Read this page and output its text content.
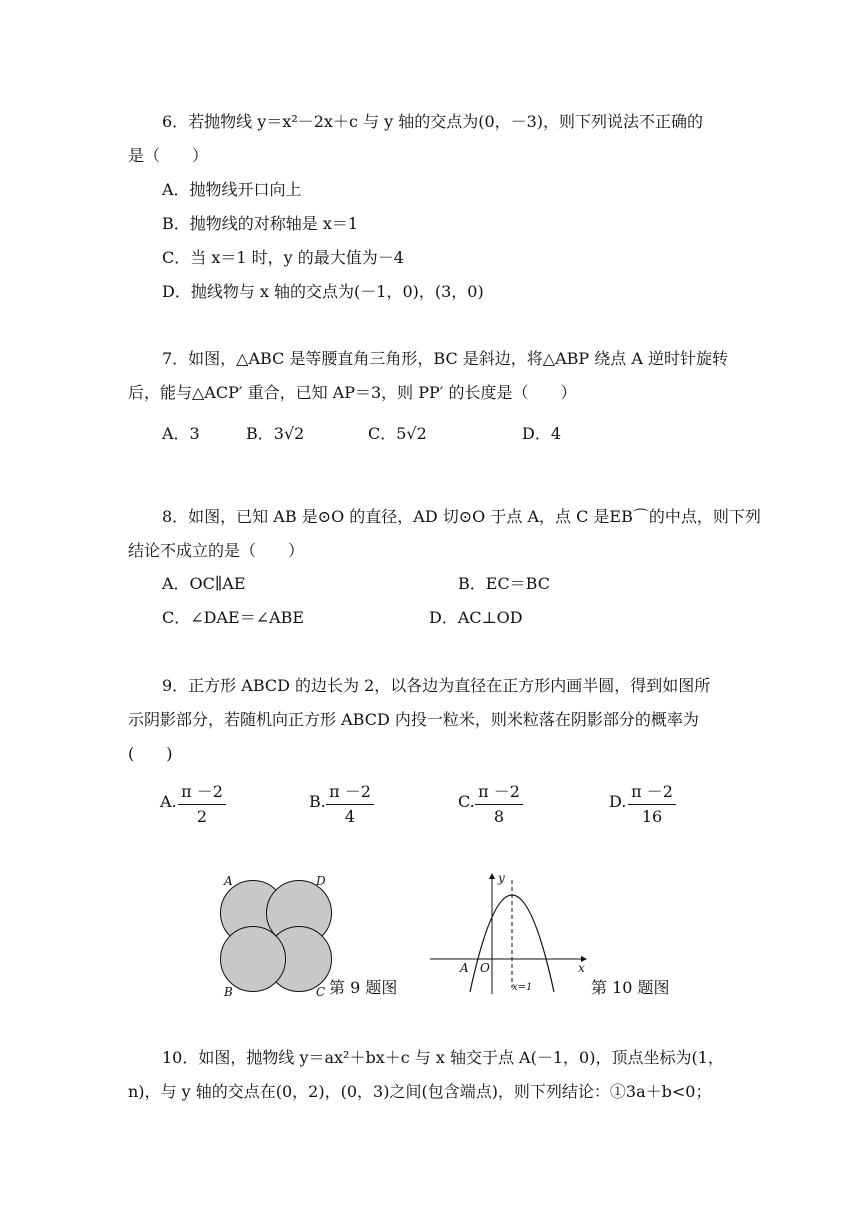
6．若抛物线 y＝x²－2x＋c 与 y 轴的交点为(0，－3)，则下列说法不正确的
是（　　）
A．抛物线开口向上
B．抛物线的对称轴是 x＝1
C．当 x＝1 时，y 的最大值为－4
D．抛线物与 x 轴的交点为(－1，0)，(3，0)
7．如图，△ABC 是等腰直角三角形，BC 是斜边，将△ABP 绕点 A 逆时针旋转
后，能与△ACP′ 重合，已知 AP＝3，则 PP′ 的长度是（　　）
A．3	B．3√2	C．5√2	D．4
8．如图，已知 AB 是⊙O 的直径，AD 切⊙O 于点 A，点 C 是EB⌒的中点，则下列
结论不成立的是（　　）
A．OC∥AE	B．EC＝BC
C．∠DAE＝∠ABE	D．AC⊥OD
9．正方形 ABCD 的边长为 2，以各边为直径在正方形内画半圆，得到如图所
示阴影部分，若随机向正方形 ABCD 内投一粒米，则米粒落在阴影部分的概率为
(　　)
A.
π －2
2
B.
π －2
4
C.
π －2
8
D.
π －2
16
A	D
B	C 第 9 题图
y
x
O
A
x=1	第 10 题图
10．如图，抛物线 y＝ax²＋bx＋c 与 x 轴交于点 A(－1，0)，顶点坐标为(1，
n)，与 y 轴的交点在(0，2)，(0，3)之间(包含端点)，则下列结论：①3a＋b<0；
